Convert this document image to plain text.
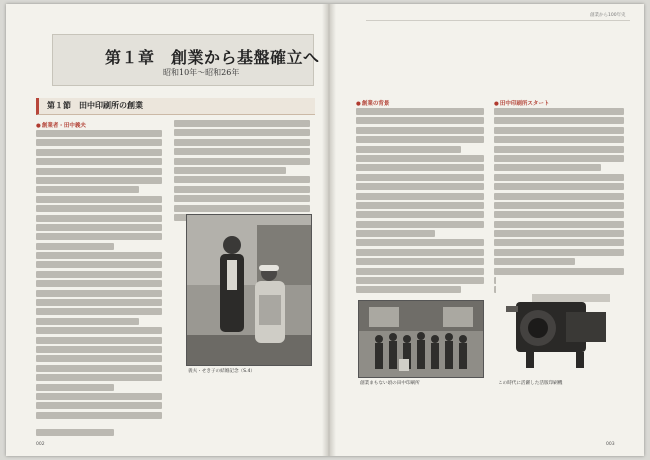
第１章　創業から基盤確立へ
昭和10年～昭和26年
第１節　田中印刷所の創業
● 創業者・田中義夫
義夫・せき子の結婚記念（S.4）
002
創業から100年史
● 創業の背景
●	田中印刷所スタート
創業まもない頃の田中印刷所	この時代に活躍した活版印刷機
003
